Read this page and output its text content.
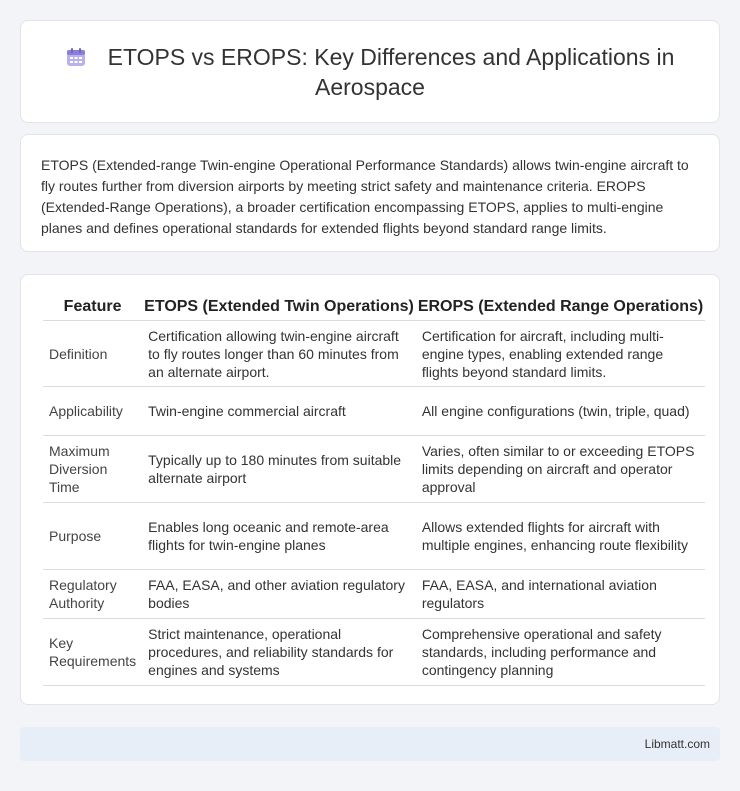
ETOPS vs EROPS: Key Differences and Applications in Aerospace

ETOPS (Extended-range Twin-engine Operational Performance Standards) allows twin-engine aircraft to fly routes further from diversion airports by meeting strict safety and maintenance criteria. EROPS (Extended-Range Operations), a broader certification encompassing ETOPS, applies to multi-engine planes and defines operational standards for extended flights beyond standard range limits.

Feature	ETOPS (Extended Twin Operations)	EROPS (Extended Range Operations)
Definition	Certification allowing twin-engine aircraft to fly routes longer than 60 minutes from an alternate airport.	Certification for aircraft, including multi-engine types, enabling extended range flights beyond standard limits.
Applicability	Twin-engine commercial aircraft	All engine configurations (twin, triple, quad)
Maximum Diversion Time	Typically up to 180 minutes from suitable alternate airport	Varies, often similar to or exceeding ETOPS limits depending on aircraft and operator approval
Purpose	Enables long oceanic and remote-area flights for twin-engine planes	Allows extended flights for aircraft with multiple engines, enhancing route flexibility
Regulatory Authority	FAA, EASA, and other aviation regulatory bodies	FAA, EASA, and international aviation regulators
Key Requirements	Strict maintenance, operational procedures, and reliability standards for engines and systems	Comprehensive operational and safety standards, including performance and contingency planning
Libmatt.com
